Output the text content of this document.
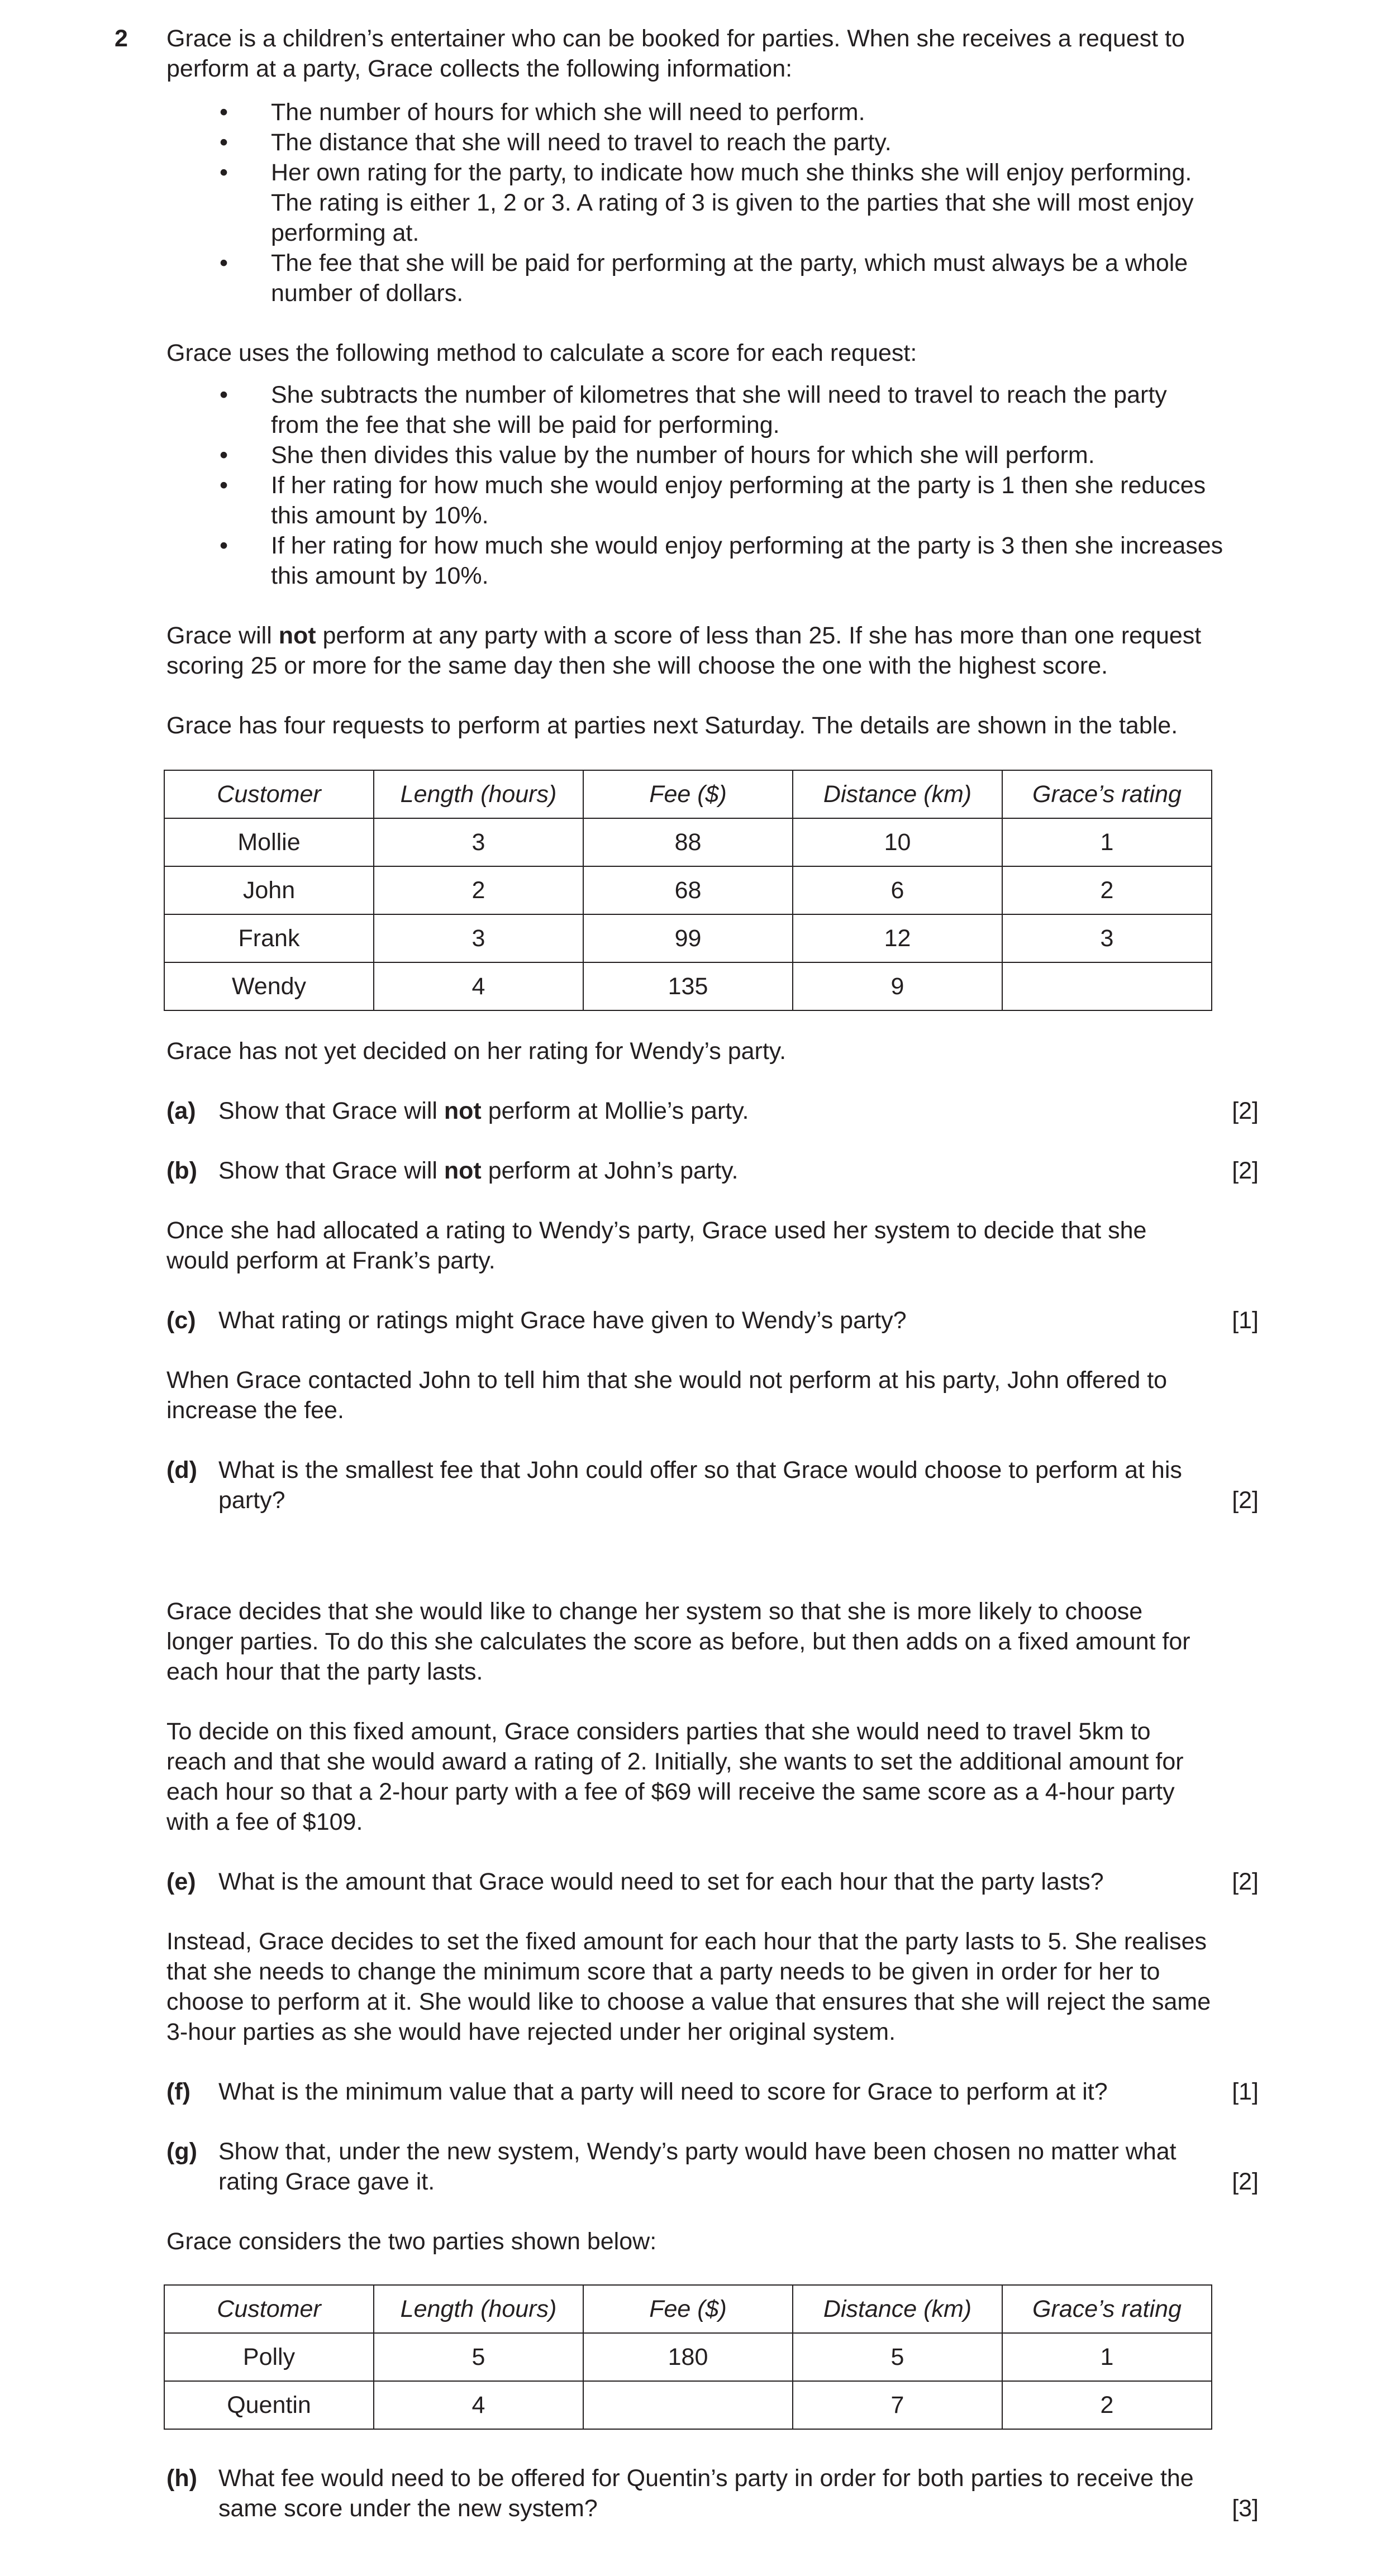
2 Grace is a children’s entertainer who can be booked for parties. When she receives a request to

perform at a party, Grace collects the following information:

• The number of hours for which she will need to perform.

• The distance that she will need to travel to reach the party.

• Her own rating for the party, to indicate how much she thinks she will enjoy performing.

The rating is either 1, 2 or 3. A rating of 3 is given to the parties that she will most enjoy

performing at.

• The fee that she will be paid for performing at the party, which must always be a whole

number of dollars.

Grace uses the following method to calculate a score for each request:

• She subtracts the number of kilometres that she will need to travel to reach the party

from the fee that she will be paid for performing.

• She then divides this value by the number of hours for which she will perform.

• If her rating for how much she would enjoy performing at the party is 1 then she reduces

this amount by 10%.

• If her rating for how much she would enjoy performing at the party is 3 then she increases

this amount by 10%.

Grace will not perform at any party with a score of less than 25. If she has more than one request

scoring 25 or more for the same day then she will choose the one with the highest score.

Grace has four requests to perform at parties next Saturday. The details are shown in the table.

Customer	Length (hours)	Fee ($)	Distance (km)	Grace’s rating
Mollie	3	88	10	1
John	2	68	6	2
Frank	3	99	12	3
Wendy	4	135	9	

Grace has not yet decided on her rating for Wendy’s party.

(a) Show that Grace will not perform at Mollie’s party.	[2]
(b) Show that Grace will not perform at John’s party.	[2]

Once she had allocated a rating to Wendy’s party, Grace used her system to decide that she

would perform at Frank’s party.

(c) What rating or ratings might Grace have given to Wendy’s party?	[1]

When Grace contacted John to tell him that she would not perform at his party, John offered to

increase the fee.

(d) What is the smallest fee that John could offer so that Grace would choose to perform at his

party?	[2]

Grace decides that she would like to change her system so that she is more likely to choose

longer parties. To do this she calculates the score as before, but then adds on a fixed amount for

each hour that the party lasts.

To decide on this fixed amount, Grace considers parties that she would need to travel 5km to

reach and that she would award a rating of 2. Initially, she wants to set the additional amount for

each hour so that a 2-hour party with a fee of $69 will receive the same score as a 4-hour party

with a fee of $109.

(e) What is the amount that Grace would need to set for each hour that the party lasts?	[2]

Instead, Grace decides to set the fixed amount for each hour that the party lasts to 5. She realises

that she needs to change the minimum score that a party needs to be given in order for her to

choose to perform at it. She would like to choose a value that ensures that she will reject the same

3-hour parties as she would have rejected under her original system.

(f) What is the minimum value that a party will need to score for Grace to perform at it?	[1]
(g) Show that, under the new system, Wendy’s party would have been chosen no matter what

rating Grace gave it.	[2]

Grace considers the two parties shown below:

Customer	Length (hours)	Fee ($)	Distance (km)	Grace’s rating
Polly	5	180	5	1
Quentin	4		7	2
(h) What fee would need to be offered for Quentin’s party in order for both parties to receive the

same score under the new system?	[3]
